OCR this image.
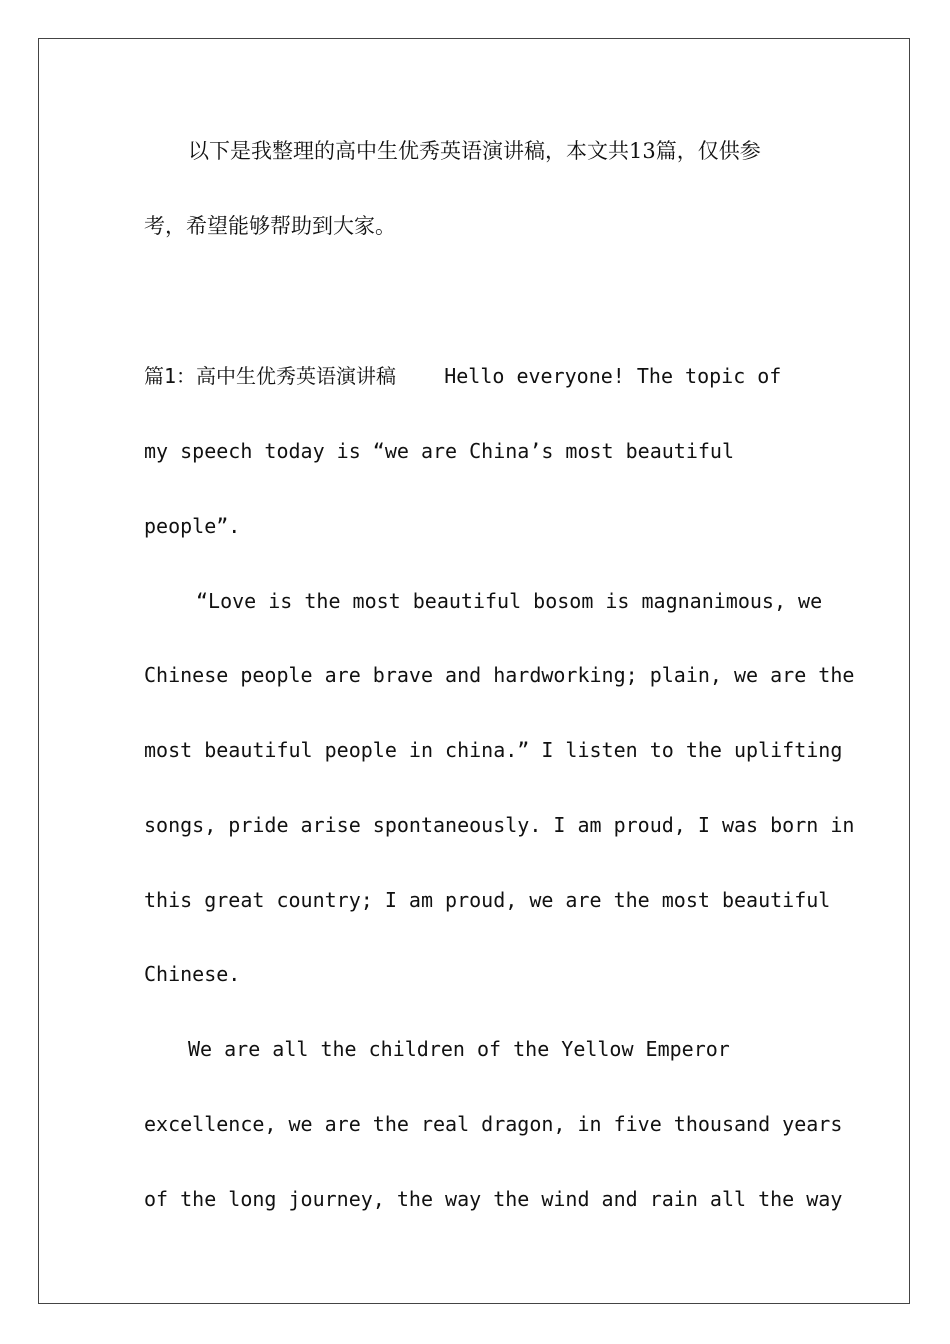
以下是我整理的高中生优秀英语演讲稿，本文共13篇，仅供参
考，希望能够帮助到大家。
篇1：高中生优秀英语演讲稿    Hello everyone! The topic of
my speech today is “we are China’s most beautiful
people”.
“Love is the most beautiful bosom is magnanimous, we
Chinese people are brave and hardworking; plain, we are the
most beautiful people in china.” I listen to the uplifting
songs, pride arise spontaneously. I am proud, I was born in
this great country; I am proud, we are the most beautiful
Chinese.
We are all the children of the Yellow Emperor
excellence, we are the real dragon, in five thousand years
of the long journey, the way the wind and rain all the way
